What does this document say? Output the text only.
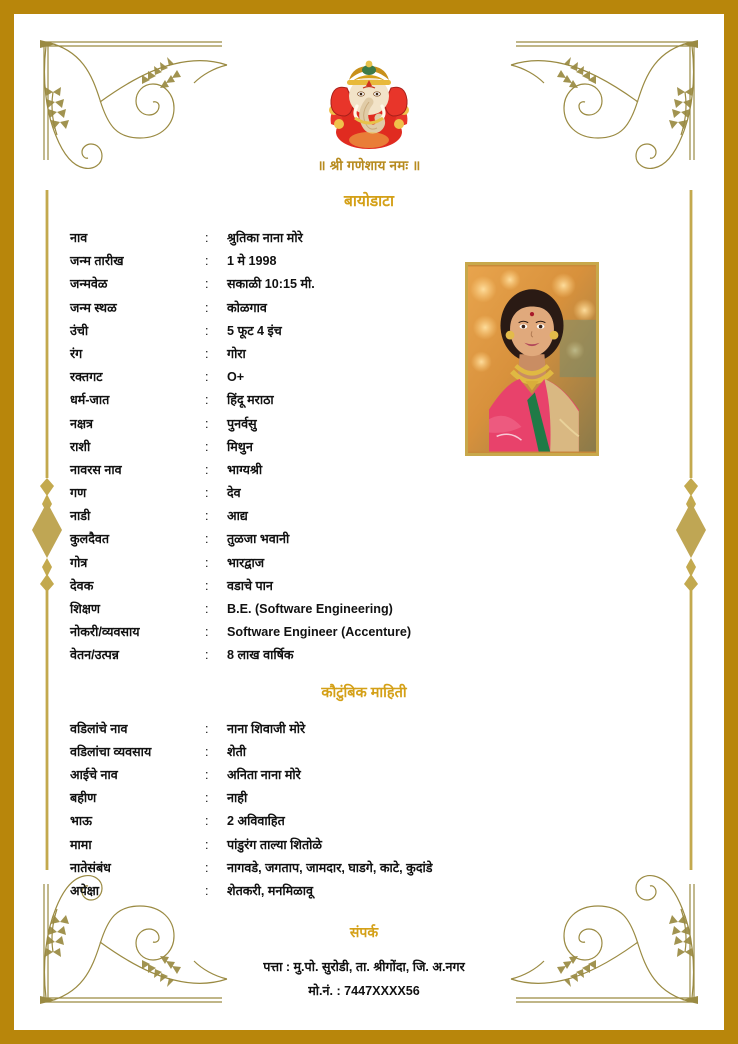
॥ श्री गणेशाय नमः ॥
बायोडाटा
नाव	:	श्रुतिका नाना मोरे
जन्म तारीख	:	1 मे 1998
जन्मवेळ	:	सकाळी 10:15 मी.
जन्म स्थळ	:	कोळगाव
उंची	:	5 फूट 4 इंच
रंग	:	गोरा
रक्तगट	:	O+
धर्म-जात	:	हिंदू मराठा
नक्षत्र	:	पुनर्वसु
राशी	:	मिथुन
नावरस नाव	:	भाग्यश्री
गण	:	देव
नाडी	:	आद्य
कुलदैवत	:	तुळजा भवानी
गोत्र	:	भारद्वाज
देवक	:	वडाचे पान
शिक्षण	:	B.E. (Software Engineering)
नोकरी/व्यवसाय	:	Software Engineer (Accenture)
वेतन/उत्पन्न	:	8 लाख वार्षिक
कौटुंबिक माहिती
वडिलांचे नाव	:	नाना शिवाजी मोरे
वडिलांचा व्यवसाय	:	शेती
आईचे नाव	:	अनिता नाना मोरे
बहीण	:	नाही
भाऊ	:	2 अविवाहित
मामा	:	पांडुरंग ताल्या शितोळे
नातेसंबंध	:	नागवडे, जगताप, जामदार, घाडगे, काटे, कुदांडे
अपेक्षा	:	शेतकरी, मनमिळावू
संपर्क
पत्ता : मु.पो. सुरोडी, ता. श्रीगोंदा, जि. अ.नगर
मो.नं. : 7447XXXX56
